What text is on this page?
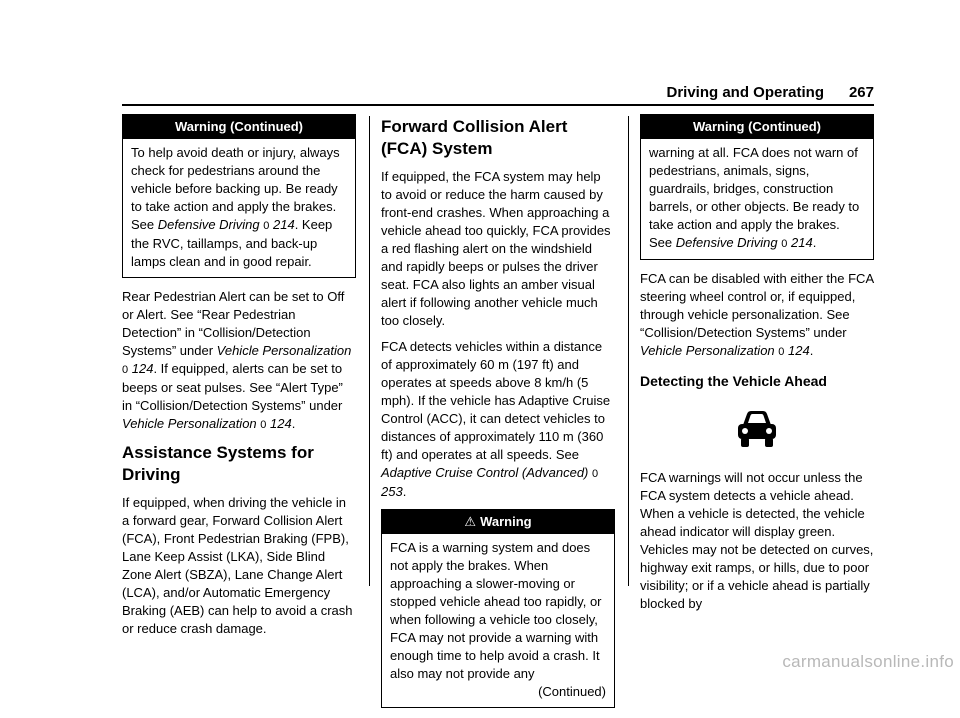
Driving and Operating 267
Warning (Continued)
To help avoid death or injury, always check for pedestrians around the vehicle before backing up. Be ready to take action and apply the brakes. See Defensive Driving 0 214. Keep the RVC, taillamps, and back-up lamps clean and in good repair.

Rear Pedestrian Alert can be set to Off or Alert. See “Rear Pedestrian Detection” in “Collision/Detection Systems” under Vehicle Personalization 0 124. If equipped, alerts can be set to beeps or seat pulses. See “Alert Type” in “Collision/Detection Systems” under Vehicle Personalization 0 124.

Assistance Systems for Driving

If equipped, when driving the vehicle in a forward gear, Forward Collision Alert (FCA), Front Pedestrian Braking (FPB), Lane Keep Assist (LKA), Side Blind Zone Alert (SBZA), Lane Change Alert (LCA), and/or Automatic Emergency Braking (AEB) can help to avoid a crash or reduce crash damage.

Forward Collision Alert (FCA) System

If equipped, the FCA system may help to avoid or reduce the harm caused by front-end crashes. When approaching a vehicle ahead too quickly, FCA provides a red flashing alert on the windshield and rapidly beeps or pulses the driver seat. FCA also lights an amber visual alert if following another vehicle much too closely.

FCA detects vehicles within a distance of approximately 60 m (197 ft) and operates at speeds above 8 km/h (5 mph). If the vehicle has Adaptive Cruise Control (ACC), it can detect vehicles to distances of approximately 110 m (360 ft) and operates at all speeds. See Adaptive Cruise Control (Advanced) 0 253.

⚠ Warning
FCA is a warning system and does not apply the brakes. When approaching a slower-moving or stopped vehicle ahead too rapidly, or when following a vehicle too closely, FCA may not provide a warning with enough time to help avoid a crash. It also may not provide any
(Continued)
Warning (Continued)
warning at all. FCA does not warn of pedestrians, animals, signs, guardrails, bridges, construction barrels, or other objects. Be ready to take action and apply the brakes. See Defensive Driving 0 214.

FCA can be disabled with either the FCA steering wheel control or, if equipped, through vehicle personalization. See “Collision/Detection Systems” under Vehicle Personalization 0 124.

Detecting the Vehicle Ahead

FCA warnings will not occur unless the FCA system detects a vehicle ahead. When a vehicle is detected, the vehicle ahead indicator will display green. Vehicles may not be detected on curves, highway exit ramps, or hills, due to poor visibility; or if a vehicle ahead is partially blocked by

carmanualsonline.info
